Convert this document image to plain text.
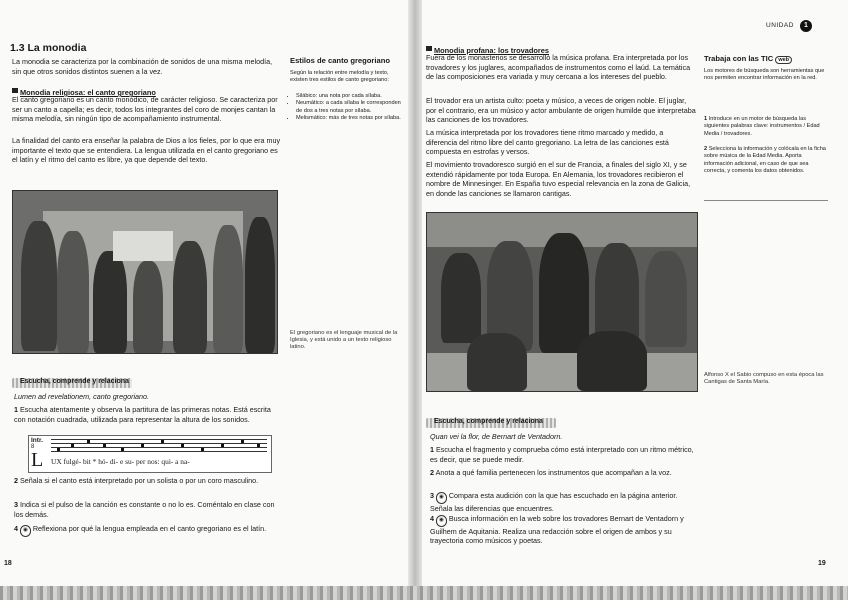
1.3 La monodia

La monodia se caracteriza por la combinación de sonidos de una misma melodía, sin que otros sonidos distintos suenen a la vez.

Monodia religiosa: el canto gregoriano

El canto gregoriano es un canto monódico, de carácter religioso. Se caracteriza por ser un canto a capella; es decir, todos los integrantes del coro de monjes cantan la misma melodía, sin ningún tipo de acompañamiento instrumental.

La finalidad del canto era enseñar la palabra de Dios a los fieles, por lo que era muy importante el texto que se entendiera. La lengua utilizada en el canto gregoriano es el latín y el ritmo del canto es libre, ya que depende del texto.

Estilos de canto gregoriano

Según la relación entre melodía y texto, existen tres estilos de canto gregoriano:

• Silábico: una nota por cada sílaba.
• Neumático: a cada sílaba le corresponden de dos a tres notas por sílaba.
• Melismático: más de tres notas por sílaba.

El gregoriano es el lenguaje musical de la Iglesia, y está unido a un texto religioso latino.

Escucha, comprende y relaciona

Lumen ad revelationem, canto gregoriano.

1 Escucha atentamente y observa la partitura de las primeras notas. Está escrita con notación cuadrada, utilizada para representar la altura de los sonidos.
Intr.
8
L UX fulgé- bit * hó- di- e su- per nos: qui- a na-
2 Señala si el canto está interpretado por un solista o por un coro masculino.
3 Indica si el pulso de la canción es constante o no lo es. Coméntalo en clase con los demás.
4 ◉ Reflexiona por qué la lengua empleada en el canto gregoriano es el latín.
18
UNIDAD	1
Monodia profana: los trovadores

Fuera de los monasterios se desarrolló la música profana. Era interpretada por los trovadores y los juglares, acompañados de instrumentos como el laúd. La temática de las composiciones era variada y muy cercana a los intereses del pueblo.

El trovador era un artista culto: poeta y músico, a veces de origen noble. El juglar, por el contrario, era un músico y actor ambulante de origen humilde que interpretaba las canciones de los trovadores.

La música interpretada por los trovadores tiene ritmo marcado y medido, a diferencia del ritmo libre del canto gregoriano. La letra de las canciones está compuesta en estrofas y versos.

El movimiento trovadoresco surgió en el sur de Francia, a finales del siglo XI, y se extendió rápidamente por toda Europa. En Alemania, los trovadores recibieron el nombre de Minnesinger. En España tuvo especial relevancia en la zona de Galicia, en donde las canciones se llamaron cantigas.

Trabaja con las TIC web

Los motores de búsqueda son herramientas que nos permiten encontrar información en la red.

1 Introduce en un motor de búsqueda las siguientes palabras clave: instrumentos / Edad Media / trovadores.
2 Selecciona la información y colócala en la ficha sobre música de la Edad Media. Aporta información adicional, en caso de que sea correcta, y comenta los datos obtenidos.

Alfonso X el Sabio compuso en esta época las Cantigas de Santa María.

Escucha, comprende y relaciona

Quan vei la flor, de Bernart de Ventadorn.

1 Escucha el fragmento y comprueba cómo está interpretado con un ritmo métrico, es decir, que se puede medir.
2 Anota a qué familia pertenecen los instrumentos que acompañan a la voz.
3 ◉ Compara esta audición con la que has escuchado en la página anterior. Señala las diferencias que encuentres.
4 ◉ Busca información en la web sobre los trovadores Bernart de Ventadorn y Guilhem de Aquitania. Realiza una redacción sobre el origen de ambos y su trayectoria como músicos y poetas.
19
